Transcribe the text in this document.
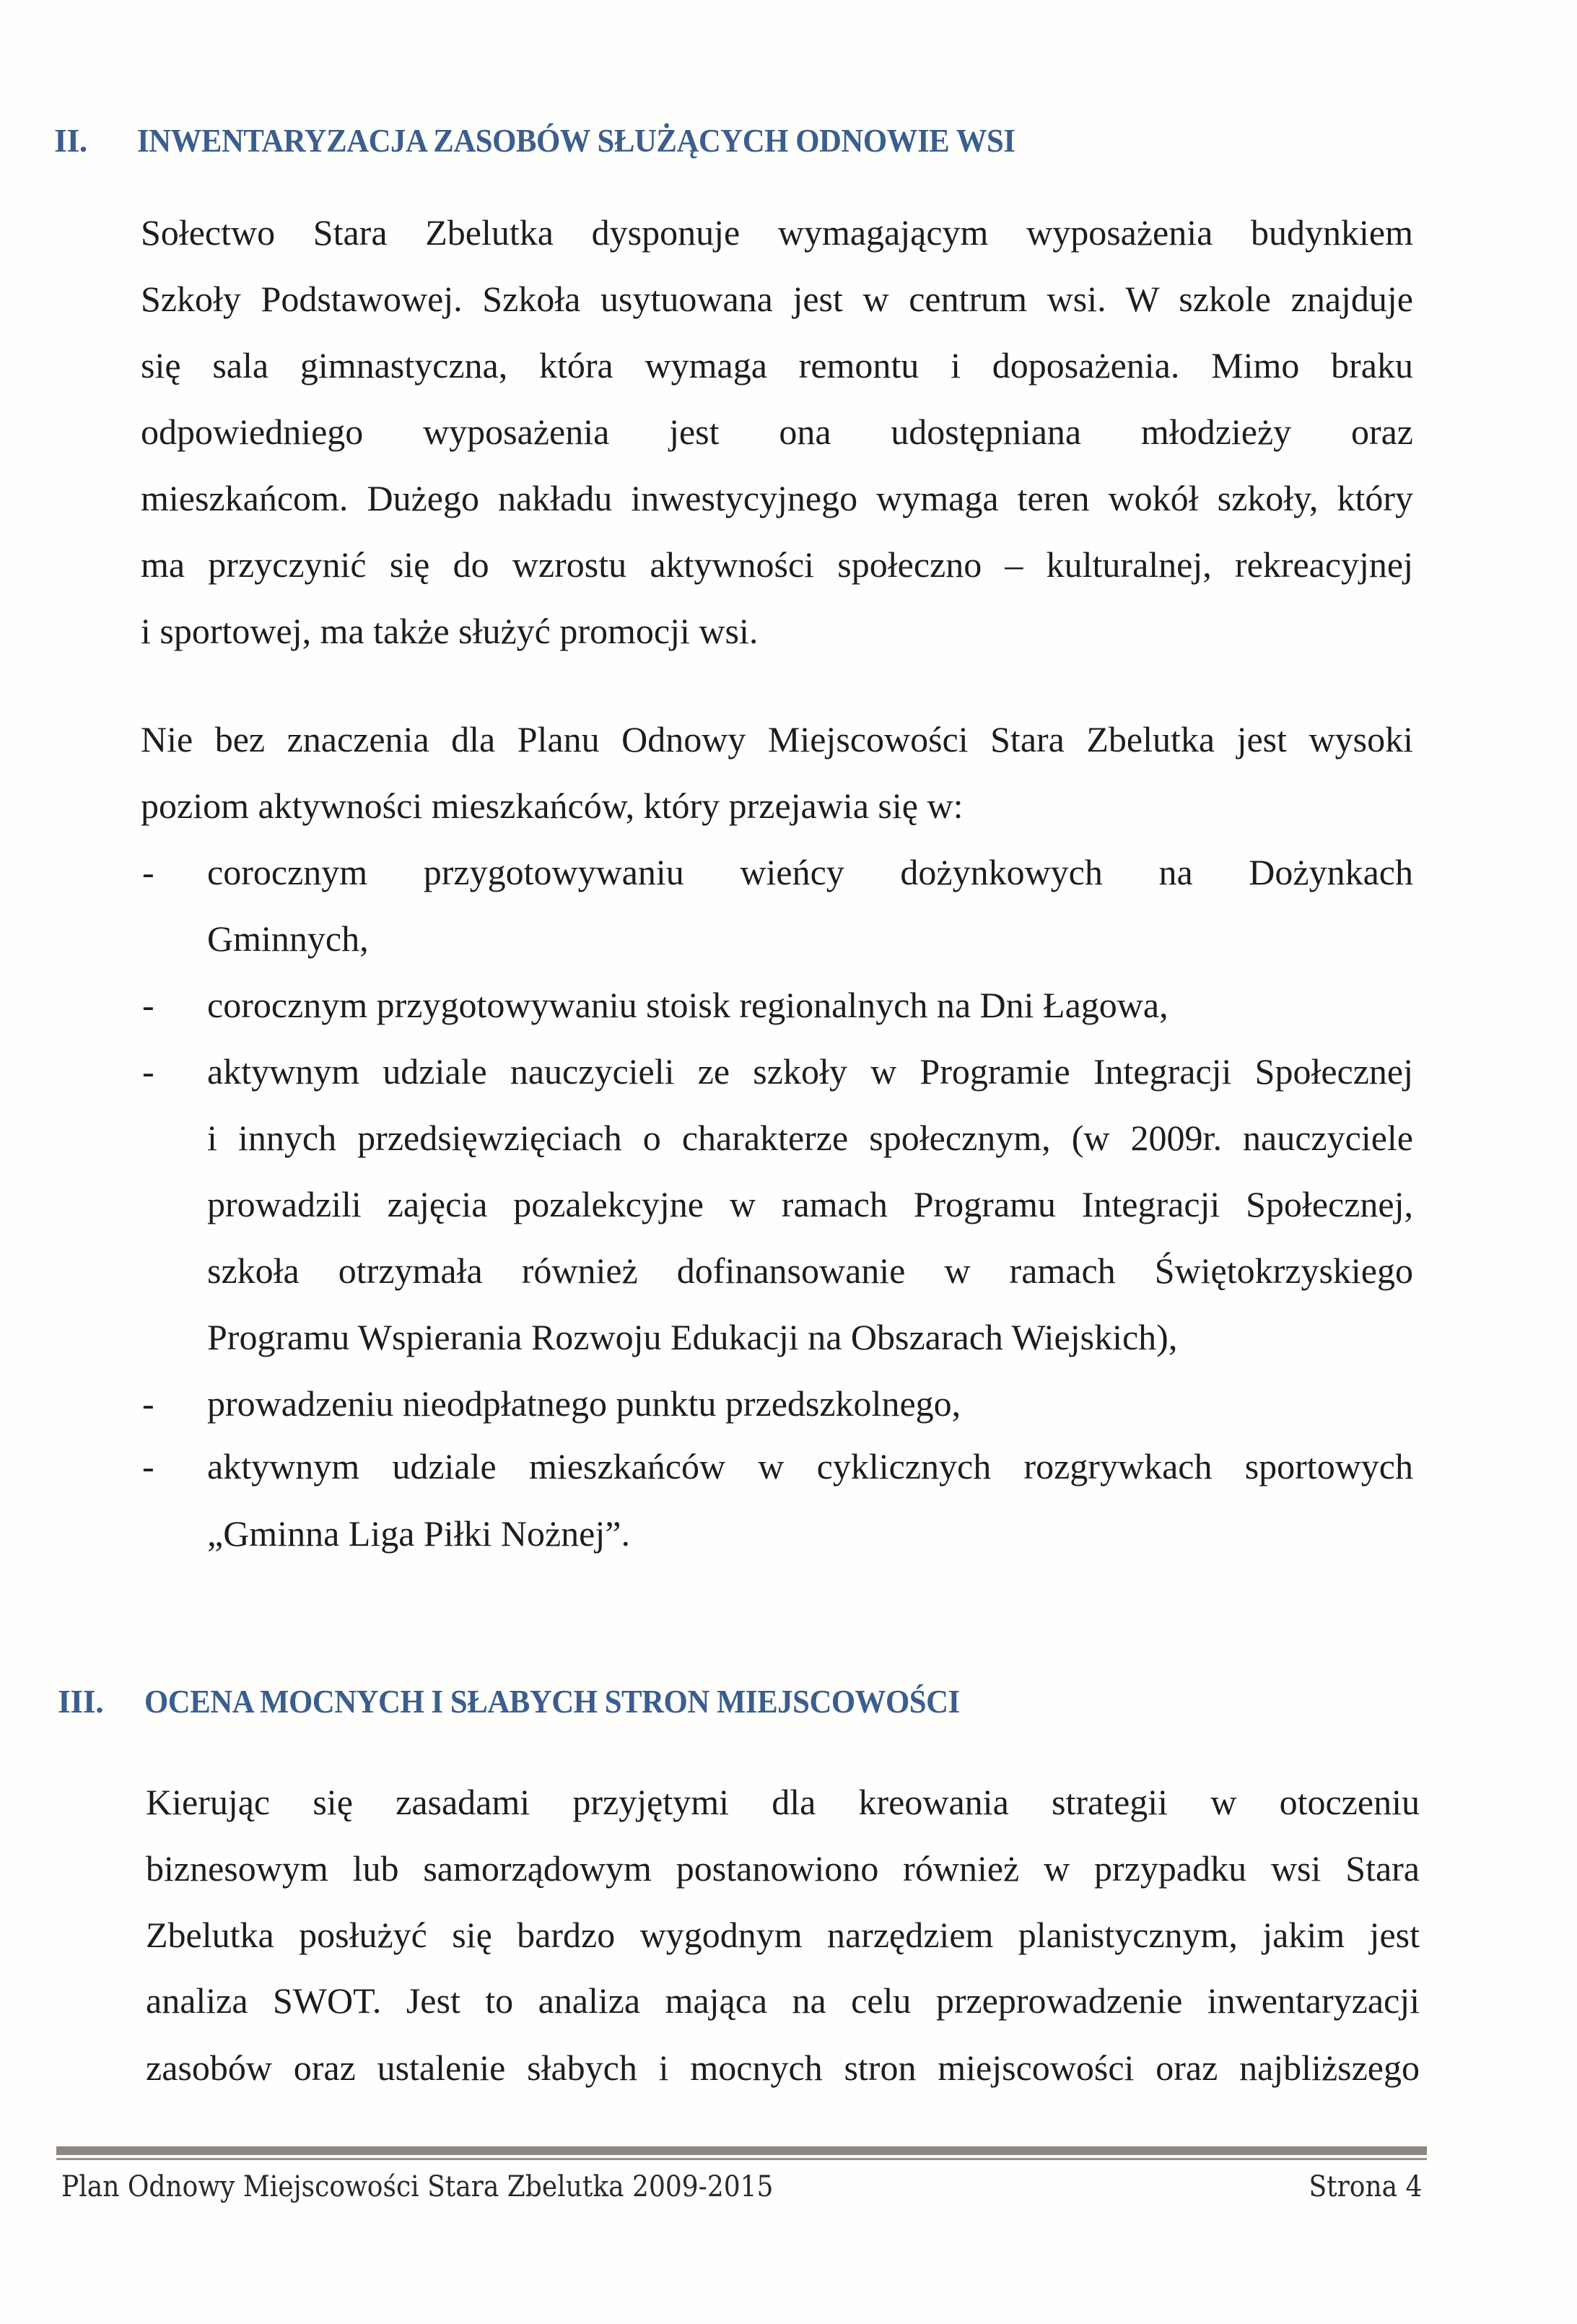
II. INWENTARYZACJA ZASOBÓW SŁUŻĄCYCH ODNOWIE WSI
Sołectwo Stara Zbelutka dysponuje wymagającym wyposażenia budynkiem
Szkoły Podstawowej. Szkoła usytuowana jest w centrum wsi. W szkole znajduje
się sala gimnastyczna, która wymaga remontu i doposażenia. Mimo braku
odpowiedniego wyposażenia jest ona udostępniana młodzieży oraz
mieszkańcom. Dużego nakładu inwestycyjnego wymaga teren wokół szkoły, który
ma przyczynić się do wzrostu aktywności społeczno – kulturalnej, rekreacyjnej
i sportowej, ma także służyć promocji wsi.
Nie bez znaczenia dla Planu Odnowy Miejscowości Stara Zbelutka jest wysoki
poziom aktywności mieszkańców, który przejawia się w:
- corocznym przygotowywaniu wieńcy dożynkowych na Dożynkach
Gminnych,
- corocznym przygotowywaniu stoisk regionalnych na Dni Łagowa,
- aktywnym udziale nauczycieli ze szkoły w Programie Integracji Społecznej
i innych przedsięwzięciach o charakterze społecznym, (w 2009r. nauczyciele
prowadzili zajęcia pozalekcyjne w ramach Programu Integracji Społecznej,
szkoła otrzymała również dofinansowanie w ramach Świętokrzyskiego
Programu Wspierania Rozwoju Edukacji na Obszarach Wiejskich),
- prowadzeniu nieodpłatnego punktu przedszkolnego,
- aktywnym udziale mieszkańców w cyklicznych rozgrywkach sportowych
„Gminna Liga Piłki Nożnej”.
III. OCENA MOCNYCH I SŁABYCH STRON MIEJSCOWOŚCI
Kierując się zasadami przyjętymi dla kreowania strategii w otoczeniu
biznesowym lub samorządowym postanowiono również w przypadku wsi Stara
Zbelutka posłużyć się bardzo wygodnym narzędziem planistycznym, jakim jest
analiza SWOT. Jest to analiza mająca na celu przeprowadzenie inwentaryzacji
zasobów oraz ustalenie słabych i mocnych stron miejscowości oraz najbliższego
Plan Odnowy Miejscowości Stara Zbelutka 2009-2015	Strona 4
